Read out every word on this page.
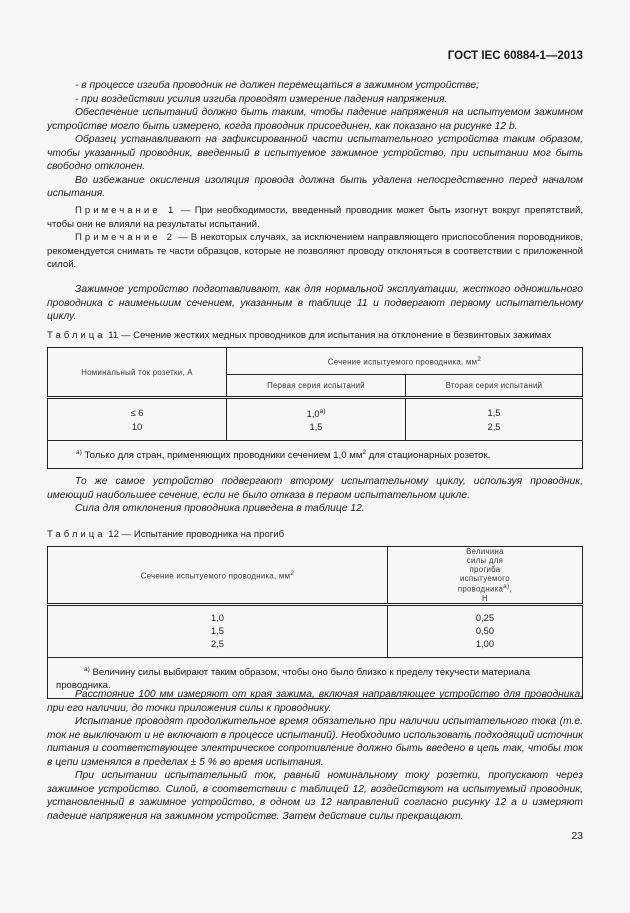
ГОСТ IEC 60884-1—2013

- в процессе изгиба проводник не должен перемещаться в зажимном устройстве;

- при воздействии усилия изгиба проводят измерение падения напряжения.

Обеспечение испытаний должно быть таким, чтобы падение напряжения на испытуемом зажимном устройстве могло быть измерено, когда проводник присоединен, как показано на рисунке 12 b.

Образец устанавливают на зафиксированной части испытательного устройства таким образом, чтобы указанный проводник, введенный в испытуемое зажимное устройство, при испытании мог быть свободно отклонен.

Во избежание окисления изоляция провода должна быть удалена непосредственно перед началом испытания.

Примечание 1 — При необходимости, введенный проводник может быть изогнут вокруг препятствий, чтобы они не влияли на результаты испытаний.

Примечание 2 — В некоторых случаях, за исключением направляющего приспособления поpоводников, рекомендуется снимать те части образцов, которые не позволяют проводу отклоняться в соответствии с приложенной силой.

Зажимное устройство подготавливают, как для нормальной эксплуатации, жесткого одножильного проводника с наименьшим сечением, указанным в таблице 11 и подвергают первому испытательному циклу.

Таблица 11 — Сечение жестких медных проводников для испытания на отклонение в безвинтовых зажимах
Номинальный ток розетки, А	Сечение испытуемого проводника, $мм^2$
	Первая серия испытаний	Вторая серия испытаний
≤ 6	$1,0^{а)}$	1,5
10	1,5	2,5
$^{а)}$ Только для стран, применяющих проводники сечением 1,0 $мм^2$ для стационарных розеток.		

То же самое устройство подвергают второму испытательному циклу, используя проводник, имеющий наибольшее сечение, если не было отказа в первом испытательном цикле.

Сила для отклонения проводника приведена в таблице 12.

Таблица 12 — Испытание проводника на прогиб
Сечение испытуемого проводника, $мм^2$	Величина силы для прогиба испытуемого проводника$^{а)}$, Н
1,0	0,25
1,5	0,50
2,5	1,00
$^{а)}$ Величину силы выбирают таким образом, чтобы оно было близко к пределу текучести материала проводника.	

Расстояние 100 мм измеряют от края зажима, включая направляющее устройство для проводника, при его наличии, до точки приложения силы к проводнику.

Испытание проводят продолжительное время обязательно при наличии испытательного тока (т.е. ток не выключают и не включают в процессе испытаний). Необходимо использовать подходящий источник питания и соответствующее электрическое сопротивление должно быть введено в цепь так, чтобы ток в цепи изменялся в пределах ± 5 % во время испытания.

При испытании испытательный ток, равный номинальному току розетки, пропускают через зажимное устройство. Силой, в соответствии с таблицей 12, воздействуют на испытуемый проводник, установленный в зажимное устройство, в одном из 12 направлений согласно рисунку 12 a и измеряют падение напряжения на зажимном устройстве. Затем действие силы прекращают.

23
